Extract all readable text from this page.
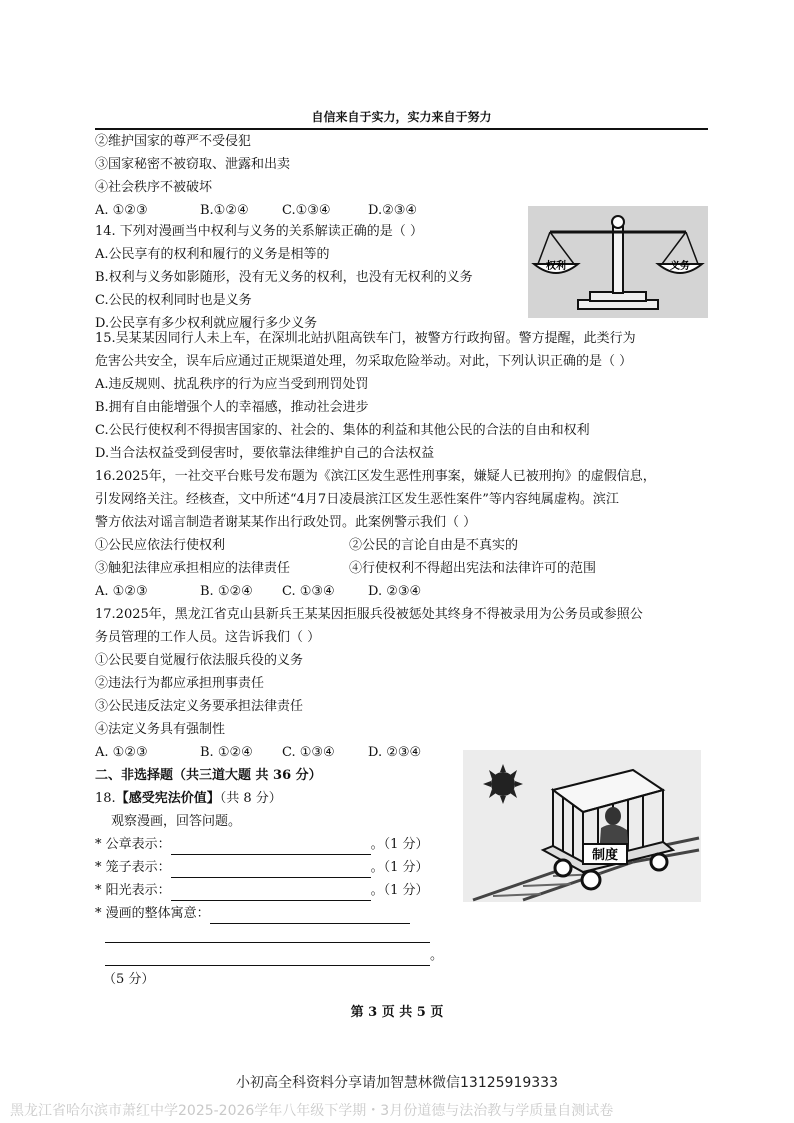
自信来自于实力，实力来自于努力
②维护国家的尊严不受侵犯
③国家秘密不被窃取、泄露和出卖
④社会秩序不被破坏
A. ①②③	B.①②④	C.①③④	D.②③④
14. 下列对漫画当中权利与义务的关系解读正确的是（ ）
A.公民享有的权利和履行的义务是相等的
B.权利与义务如影随形，没有无义务的权利，也没有无权利的义务
C.公民的权利同时也是义务
D.公民享有多少权利就应履行多少义务
权利	义务
15.吴某某因同行人未上车，在深圳北站扒阻高铁车门，被警方行政拘留。警方提醒，此类行为
危害公共安全，误车后应通过正规渠道处理，勿采取危险举动。对此，下列认识正确的是（ ）
A.违反规则、扰乱秩序的行为应当受到刑罚处罚
B.拥有自由能增强个人的幸福感，推动社会进步
C.公民行使权利不得损害国家的、社会的、集体的利益和其他公民的合法的自由和权利
D.当合法权益受到侵害时，要依靠法律维护自己的合法权益
16.2025年，一社交平台账号发布题为《滨江区发生恶性刑事案，嫌疑人已被刑拘》的虚假信息，
引发网络关注。经核查，文中所述“4月7日凌晨滨江区发生恶性案件”等内容纯属虚构。滨江
警方依法对谣言制造者谢某某作出行政处罚。此案例警示我们（ ）
①公民应依法行使权利	②公民的言论自由是不真实的
③触犯法律应承担相应的法律责任	④行使权利不得超出宪法和法律许可的范围
A. ①②③	B. ①②④ C. ①③④	D. ②③④
17.2025年，黑龙江省克山县新兵王某某因拒服兵役被惩处其终身不得被录用为公务员或参照公
务员管理的工作人员。这告诉我们（ ）
①公民要自觉履行依法服兵役的义务
②违法行为都应承担刑事责任
③公民违反法定义务要承担法律责任
④法定义务具有强制性
A. ①②③	B. ①②④ C. ①③④	D. ②③④
二、非选择题（共三道大题 共 36 分）
18.【感受宪法价值】（共 8 分）
观察漫画，回答问题。
* 公章表示：	。（1 分）
* 笼子表示：	。（1 分）
* 阳光表示：	。（1 分）
* 漫画的整体寓意：
。
（5 分）
制度
第 3 页 共 5 页
小初高全科资料分享请加智慧林微信13125919333
黑龙江省哈尔滨市萧红中学2025-2026学年八年级下学期・3月份道德与法治教与学质量自测试卷
